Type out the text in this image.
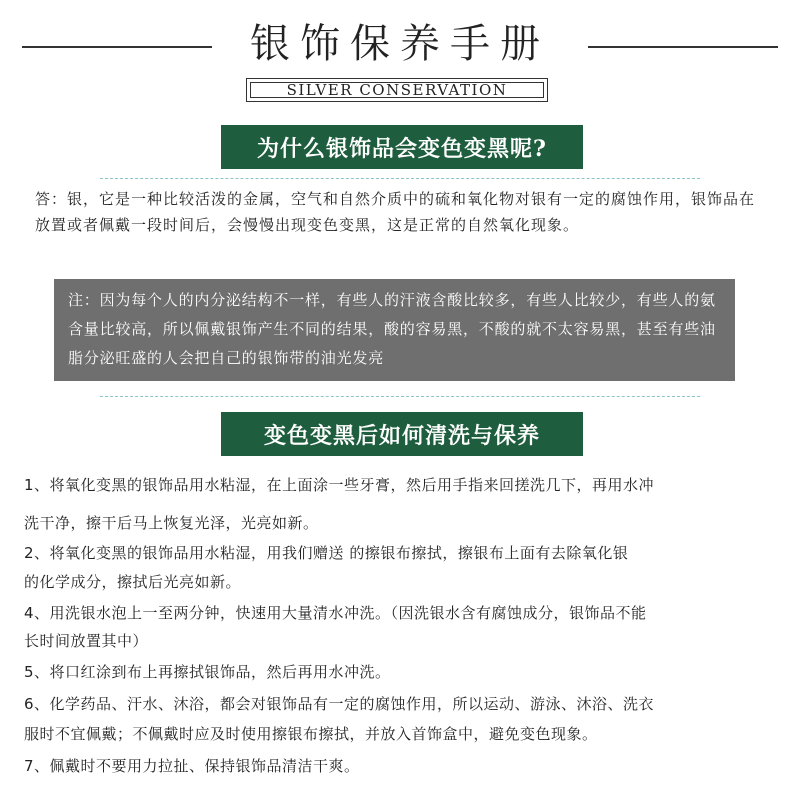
银饰保养手册
SILVER CONSERVATION
为什么银饰品会变色变黑呢?
答：银，它是一种比较活泼的金属，空气和自然介质中的硫和氧化物对银有一定的腐蚀作用，银饰品在放置或者佩戴一段时间后，会慢慢出现变色变黑，这是正常的自然氧化现象。
注：因为每个人的内分泌结构不一样，有些人的汗液含酸比较多，有些人比较少，有些人的氨含量比较高，所以佩戴银饰产生不同的结果，酸的容易黑，不酸的就不太容易黑，甚至有些油脂分泌旺盛的人会把自己的银饰带的油光发亮
变色变黑后如何清洗与保养
1、将氧化变黑的银饰品用水粘湿，在上面涂一些牙膏，然后用手指来回搓洗几下，再用水冲
洗干净，擦干后马上恢复光泽，光亮如新。
2、将氧化变黑的银饰品用水粘湿，用我们赠送 的擦银布擦拭，擦银布上面有去除氧化银
的化学成分，擦拭后光亮如新。
4、用洗银水泡上一至两分钟，快速用大量清水冲洗。（因洗银水含有腐蚀成分，银饰品不能
长时间放置其中）
5、将口红涂到布上再擦拭银饰品，然后再用水冲洗。
6、化学药品、汗水、沐浴，都会对银饰品有一定的腐蚀作用，所以运动、游泳、沐浴、洗衣
服时不宜佩戴；不佩戴时应及时使用擦银布擦拭，并放入首饰盒中，避免变色现象。
7、佩戴时不要用力拉扯、保持银饰品清洁干爽。
